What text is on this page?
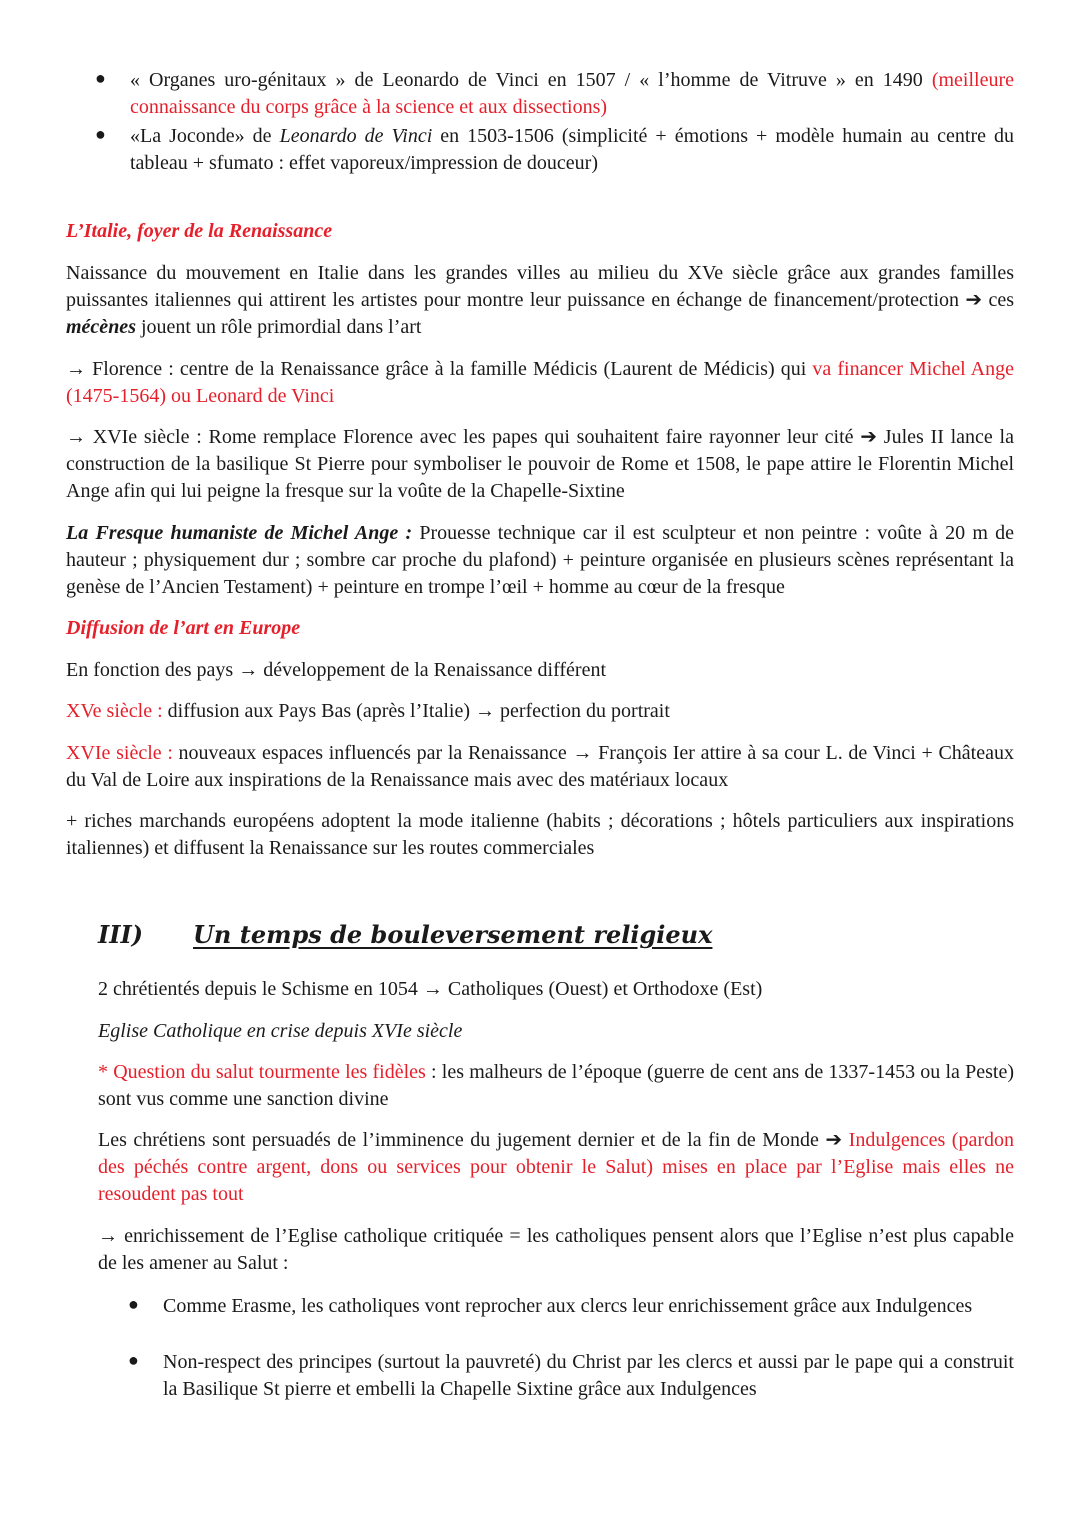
● « Organes uro-génitaux » de Leonardo de Vinci en 1507 / « l’homme de Vitruve » en 1490 (meilleure connaissance du corps grâce à la science et aux dissections)

● «La Joconde» de Leonardo de Vinci en 1503-1506 (simplicité + émotions + modèle humain au centre du tableau + sfumato : effet vaporeux/impression de douceur)

L’Italie, foyer de la Renaissance

Naissance du mouvement en Italie dans les grandes villes au milieu du XVe siècle grâce aux grandes familles puissantes italiennes qui attirent les artistes pour montre leur puissance en échange de financement/protection ➔ ces mécènes jouent un rôle primordial dans l’art

→ Florence : centre de la Renaissance grâce à la famille Médicis (Laurent de Médicis) qui va financer Michel Ange (1475-1564) ou Leonard de Vinci

→ XVIe siècle : Rome remplace Florence avec les papes qui souhaitent faire rayonner leur cité ➔ Jules II lance la construction de la basilique St Pierre pour symboliser le pouvoir de Rome et 1508, le pape attire le Florentin Michel Ange afin qui lui peigne la fresque sur la voûte de la Chapelle-Sixtine

La Fresque humaniste de Michel Ange : Prouesse technique car il est sculpteur et non peintre : voûte à 20 m de hauteur ; physiquement dur ; sombre car proche du plafond) + peinture organisée en plusieurs scènes représentant la genèse de l’Ancien Testament) + peinture en trompe l’œil + homme au cœur de la fresque

Diffusion de l’art en Europe

En fonction des pays → développement de la Renaissance différent

XVe siècle : diffusion aux Pays Bas (après l’Italie) → perfection du portrait

XVIe siècle : nouveaux espaces influencés par la Renaissance → François Ier attire à sa cour L. de Vinci + Châteaux du Val de Loire aux inspirations de la Renaissance mais avec des matériaux locaux

+ riches marchands européens adoptent la mode italienne (habits ; décorations ; hôtels particuliers aux inspirations italiennes) et diffusent la Renaissance sur les routes commerciales

III) Un temps de bouleversement religieux

2 chrétientés depuis le Schisme en 1054 → Catholiques (Ouest) et Orthodoxe (Est)

Eglise Catholique en crise depuis XVIe siècle

* Question du salut tourmente les fidèles : les malheurs de l’époque (guerre de cent ans de 1337-1453 ou la Peste) sont vus comme une sanction divine

Les chrétiens sont persuadés de l’imminence du jugement dernier et de la fin de Monde ➔ Indulgences (pardon des péchés contre argent, dons ou services pour obtenir le Salut) mises en place par l’Eglise mais elles ne resoudent pas tout

→ enrichissement de l’Eglise catholique critiquée = les catholiques pensent alors que l’Eglise n’est plus capable de les amener au Salut :

● Comme Erasme, les catholiques vont reprocher aux clercs leur enrichissement grâce aux Indulgences

● Non-respect des principes (surtout la pauvreté) du Christ par les clercs et aussi par le pape qui a construit la Basilique St pierre et embelli la Chapelle Sixtine grâce aux Indulgences
